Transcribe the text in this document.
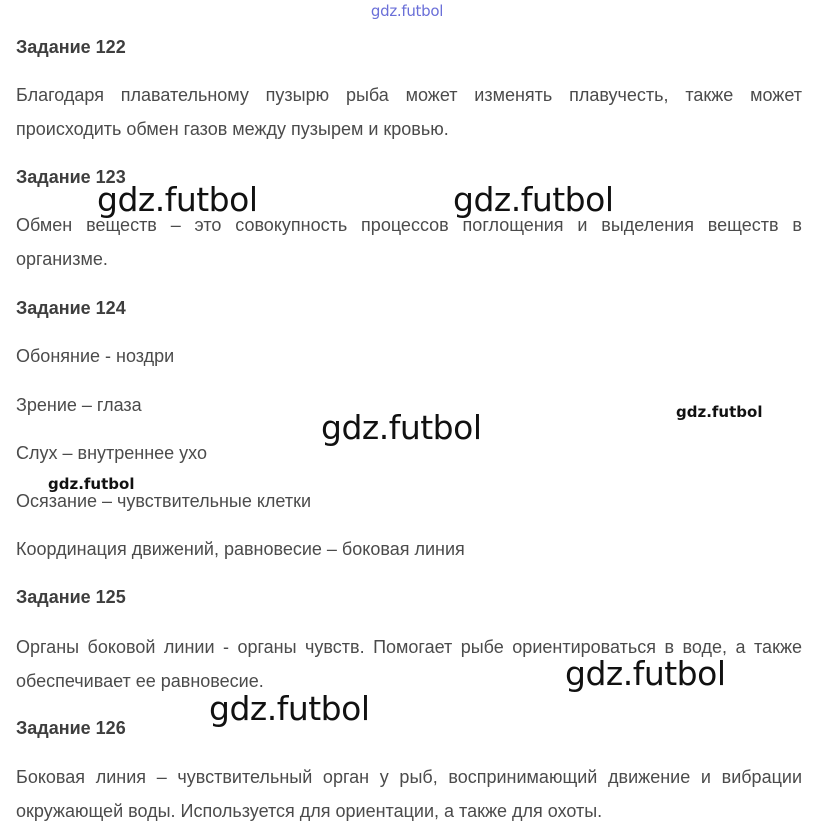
gdz.futbol
Задание 122

Благодаря плавательному пузырю рыба может изменять плавучесть, также может происходить обмен газов между пузырем и кровью.

Задание 123

Обмен веществ – это совокупность процессов поглощения и выделения веществ в организме.

Задание 124

Обоняние - ноздри

Зрение – глаза

Слух – внутреннее ухо

Осязание – чувствительные клетки

Координация движений, равновесие – боковая линия

Задание 125

Органы боковой линии - органы чувств. Помогает рыбе ориентироваться в воде, а также обеспечивает ее равновесие.

Задание 126

Боковая линия – чувствительный орган у рыб, воспринимающий движение и вибрации окружающей воды. Используется для ориентации, а также для охоты.

gdz.futbol	gdz.futbol
gdz.futbol	gdz.futbol
gdz.futbol
gdz.futbol
gdz.futbol
